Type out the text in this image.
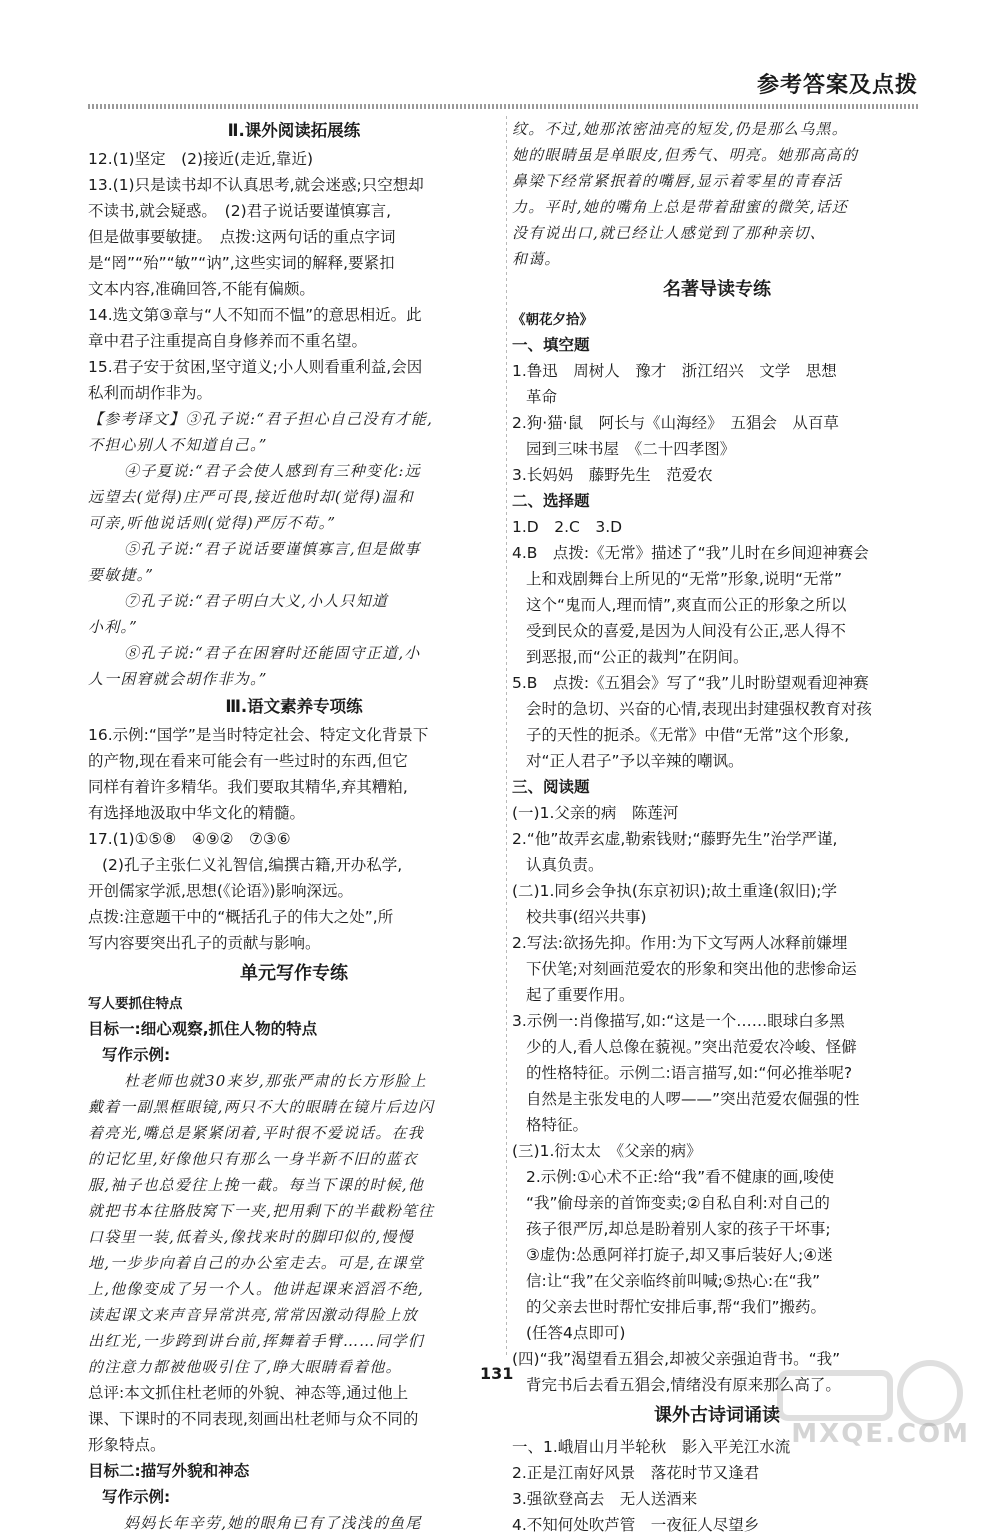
参考答案及点拨
Ⅱ.课外阅读拓展练
12.(1)坚定　(2)接近(走近,靠近)
13.(1)只是读书却不认真思考,就会迷惑;只空想却
不读书,就会疑惑。　(2)君子说话要谨慎寡言,
但是做事要敏捷。　点拨:这两句话的重点字词
是“罔”“殆”“敏”“讷”,这些实词的解释,要紧扣
文本内容,准确回答,不能有偏颇。
14.选文第③章与“人不知而不愠”的意思相近。此
章中君子注重提高自身修养而不重名望。
15.君子安于贫困,坚守道义;小人则看重利益,会因
私利而胡作非为。
【参考译文】③孔子说:“君子担心自己没有才能,
不担心别人不知道自己。”
④子夏说:“君子会使人感到有三种变化:远
远望去(觉得)庄严可畏,接近他时却(觉得)温和
可亲,听他说话则(觉得)严厉不苟。”
⑤孔子说:“君子说话要谨慎寡言,但是做事
要敏捷。”
⑦孔子说:“君子明白大义,小人只知道
小利。”
⑧孔子说:“君子在困窘时还能固守正道,小
人一困窘就会胡作非为。”
Ⅲ.语文素养专项练
16.示例:“国学”是当时特定社会、特定文化背景下
的产物,现在看来可能会有一些过时的东西,但它
同样有着许多精华。我们要取其精华,弃其糟粕,
有选择地汲取中华文化的精髓。
17.(1)①⑤⑧　④⑨②　⑦③⑥
(2)孔子主张仁义礼智信,编撰古籍,开办私学,
开创儒家学派,思想(《论语》)影响深远。
点拨:注意题干中的“概括孔子的伟大之处”,所
写内容要突出孔子的贡献与影响。
单元写作专练
写人要抓住特点
目标一:细心观察,抓住人物的特点
写作示例:
杜老师也就30来岁,那张严肃的长方形脸上
戴着一副黑框眼镜,两只不大的眼睛在镜片后边闪
着亮光,嘴总是紧紧闭着,平时很不爱说话。在我
的记忆里,好像他只有那么一身半新不旧的蓝衣
服,袖子也总爱往上挽一截。每当下课的时候,他
就把书本往胳肢窝下一夹,把用剩下的半截粉笔往
口袋里一装,低着头,像找来时的脚印似的,慢慢
地,一步步向着自己的办公室走去。可是,在课堂
上,他像变成了另一个人。他讲起课来滔滔不绝,
读起课文来声音异常洪亮,常常因激动得脸上放
出红光,一步跨到讲台前,挥舞着手臂……同学们
的注意力都被他吸引住了,睁大眼睛看着他。
总评:本文抓住杜老师的外貌、神态等,通过他上
课、下课时的不同表现,刻画出杜老师与众不同的
形象特点。
目标二:描写外貌和神态
写作示例:
妈妈长年辛劳,她的眼角已有了浅浅的鱼尾
纹。不过,她那浓密油亮的短发,仍是那么乌黑。
她的眼睛虽是单眼皮,但秀气、明亮。她那高高的
鼻梁下经常紧抿着的嘴唇,显示着零星的青春活
力。平时,她的嘴角上总是带着甜蜜的微笑,话还
没有说出口,就已经让人感觉到了那种亲切、
和蔼。
名著导读专练
《朝花夕拾》
一、填空题
1.鲁迅　周树人　豫才　浙江绍兴　文学　思想
革命
2.狗·猫·鼠　阿长与《山海经》　五猖会　从百草
园到三味书屋　《二十四孝图》
3.长妈妈　藤野先生　范爱农
二、选择题
1.D　2.C　3.D
4.B　点拨:《无常》描述了“我”儿时在乡间迎神赛会
上和戏剧舞台上所见的“无常”形象,说明“无常”
这个“鬼而人,理而情”,爽直而公正的形象之所以
受到民众的喜爱,是因为人间没有公正,恶人得不
到恶报,而“公正的裁判”在阴间。
5.B　点拨:《五猖会》写了“我”儿时盼望观看迎神赛
会时的急切、兴奋的心情,表现出封建强权教育对孩
子的天性的扼杀。《无常》中借“无常”这个形象,
对“正人君子”予以辛辣的嘲讽。
三、阅读题
(一)1.父亲的病　陈莲河
2.“他”故弄玄虚,勒索钱财;“藤野先生”治学严谨,
认真负责。
(二)1.同乡会争执(东京初识);故土重逢(叙旧);学
校共事(绍兴共事)
2.写法:欲扬先抑。作用:为下文写两人冰释前嫌埋
下伏笔;对刻画范爱农的形象和突出他的悲惨命运
起了重要作用。
3.示例一:肖像描写,如:“这是一个……眼球白多黑
少的人,看人总像在藐视。”突出范爱农冷峻、怪僻
的性格特征。示例二:语言描写,如:“何必推举呢?
自然是主张发电的人啰——”突出范爱农倔强的性
格特征。
(三)1.衍太太　《父亲的病》
2.示例:①心术不正:给“我”看不健康的画,唆使
“我”偷母亲的首饰变卖;②自私自利:对自己的
孩子很严厉,却总是盼着别人家的孩子干坏事;
③虚伪:怂恿阿祥打旋子,却又事后装好人;④迷
信:让“我”在父亲临终前叫喊;⑤热心:在“我”
的父亲去世时帮忙安排后事,帮“我们”搬药。
(任答4点即可)
(四)“我”渴望看五猖会,却被父亲强迫背书。“我”
背完书后去看五猖会,情绪没有原来那么高了。
课外古诗词诵读
一、1.峨眉山月半轮秋　影入平羌江水流
2.正是江南好风景　落花时节又逢君
3.强欲登高去　无人送酒来
4.不知何处吹芦管　一夜征人尽望乡
131
MXQE.COM
